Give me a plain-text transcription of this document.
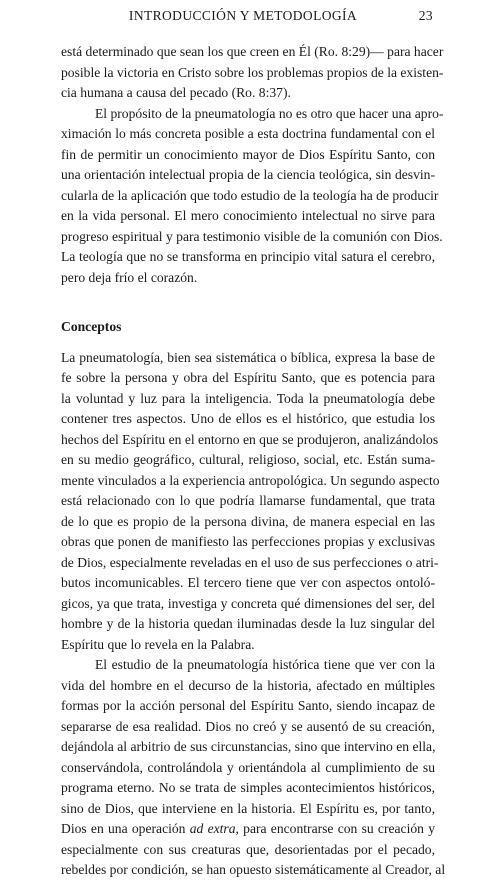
INTRODUCCIÓN Y METODOLOGÍA	23

está determinado que sean los que creen en Él (Ro. 8:29)— para hacer
posible la victoria en Cristo sobre los problemas propios de la existen-
cia humana a causa del pecado (Ro. 8:37).

El propósito de la pneumatología no es otro que hacer una apro-
ximación lo más concreta posible a esta doctrina fundamental con el
fin de permitir un conocimiento mayor de Dios Espíritu Santo, con
una orientación intelectual propia de la ciencia teológica, sin desvin-
cularla de la aplicación que todo estudio de la teología ha de producir
en la vida personal. El mero conocimiento intelectual no sirve para
progreso espiritual y para testimonio visible de la comunión con Dios.
La teología que no se transforma en principio vital satura el cerebro,
pero deja frío el corazón.

Conceptos

La pneumatología, bien sea sistemática o bíblica, expresa la base de
fe sobre la persona y obra del Espíritu Santo, que es potencia para
la voluntad y luz para la inteligencia. Toda la pneumatología debe
contener tres aspectos. Uno de ellos es el histórico, que estudia los
hechos del Espíritu en el entorno en que se produjeron, analizándolos
en su medio geográfico, cultural, religioso, social, etc. Están suma-
mente vinculados a la experiencia antropológica. Un segundo aspecto
está relacionado con lo que podría llamarse fundamental, que trata
de lo que es propio de la persona divina, de manera especial en las
obras que ponen de manifiesto las perfecciones propias y exclusivas
de Dios, especialmente reveladas en el uso de sus perfecciones o atri-
butos incomunicables. El tercero tiene que ver con aspectos ontoló-
gicos, ya que trata, investiga y concreta qué dimensiones del ser, del
hombre y de la historia quedan iluminadas desde la luz singular del
Espíritu que lo revela en la Palabra.

El estudio de la pneumatología histórica tiene que ver con la
vida del hombre en el decurso de la historia, afectado en múltiples
formas por la acción personal del Espíritu Santo, siendo incapaz de
separarse de esa realidad. Dios no creó y se ausentó de su creación,
dejándola al arbitrio de sus circunstancias, sino que intervino en ella,
conservándola, controlándola y orientándola al cumplimiento de su
programa eterno. No se trata de simples acontecimientos históricos,
sino de Dios, que interviene en la historia. El Espíritu es, por tanto,
Dios en una operación ad extra, para encontrarse con su creación y
especialmente con sus creaturas que, desorientadas por el pecado,
rebeldes por condición, se han opuesto sistemáticamente al Creador, al
